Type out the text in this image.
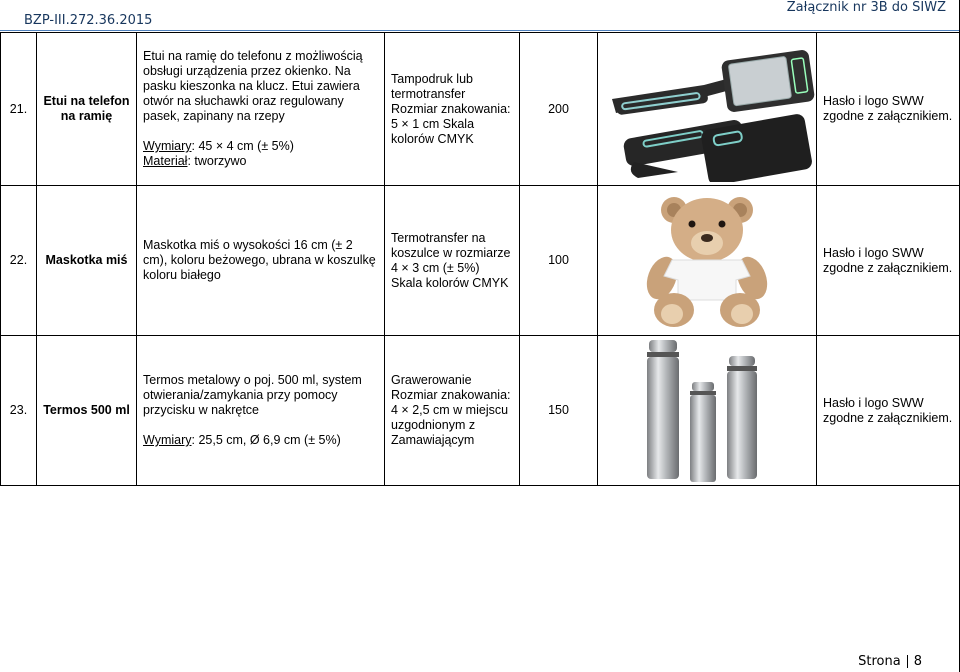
BZP-III.272.36.2015
Załącznik nr 3B do SIWZ
21.	Etui na telefon na ramię	Etui na ramię do telefonu z możliwością obsługi urządzenia przez okienko. Na pasku kieszonka na klucz. Etui zawiera otwór na słuchawki oraz regulowany pasek, zapinany na rzepy
Wymiary: 45 × 4 cm (± 5%)
Materiał: tworzywo	Tampodruk lub termotransfer Rozmiar znakowania: 5 × 1 cm Skala kolorów CMYK	200		Hasło i logo SWW zgodne z załącznikiem.
22.	Maskotka miś	Maskotka miś o wysokości 16 cm (± 2 cm), koloru beżowego, ubrana w koszulkę koloru białego	Termotransfer na koszulce w rozmiarze 4 × 3 cm (± 5%) Skala kolorów CMYK	100		Hasło i logo SWW zgodne z załącznikiem.
23.	Termos 500 ml	Termos metalowy o poj. 500 ml, system otwierania/zamykania przy pomocy przycisku w nakrętce
Wymiary: 25,5 cm, Ø 6,9 cm (± 5%)	Grawerowanie Rozmiar znakowania: 4 × 2,5 cm w miejscu uzgodnionym z Zamawiającym	150		Hasło i logo SWW zgodne z załącznikiem.
Strona 8
